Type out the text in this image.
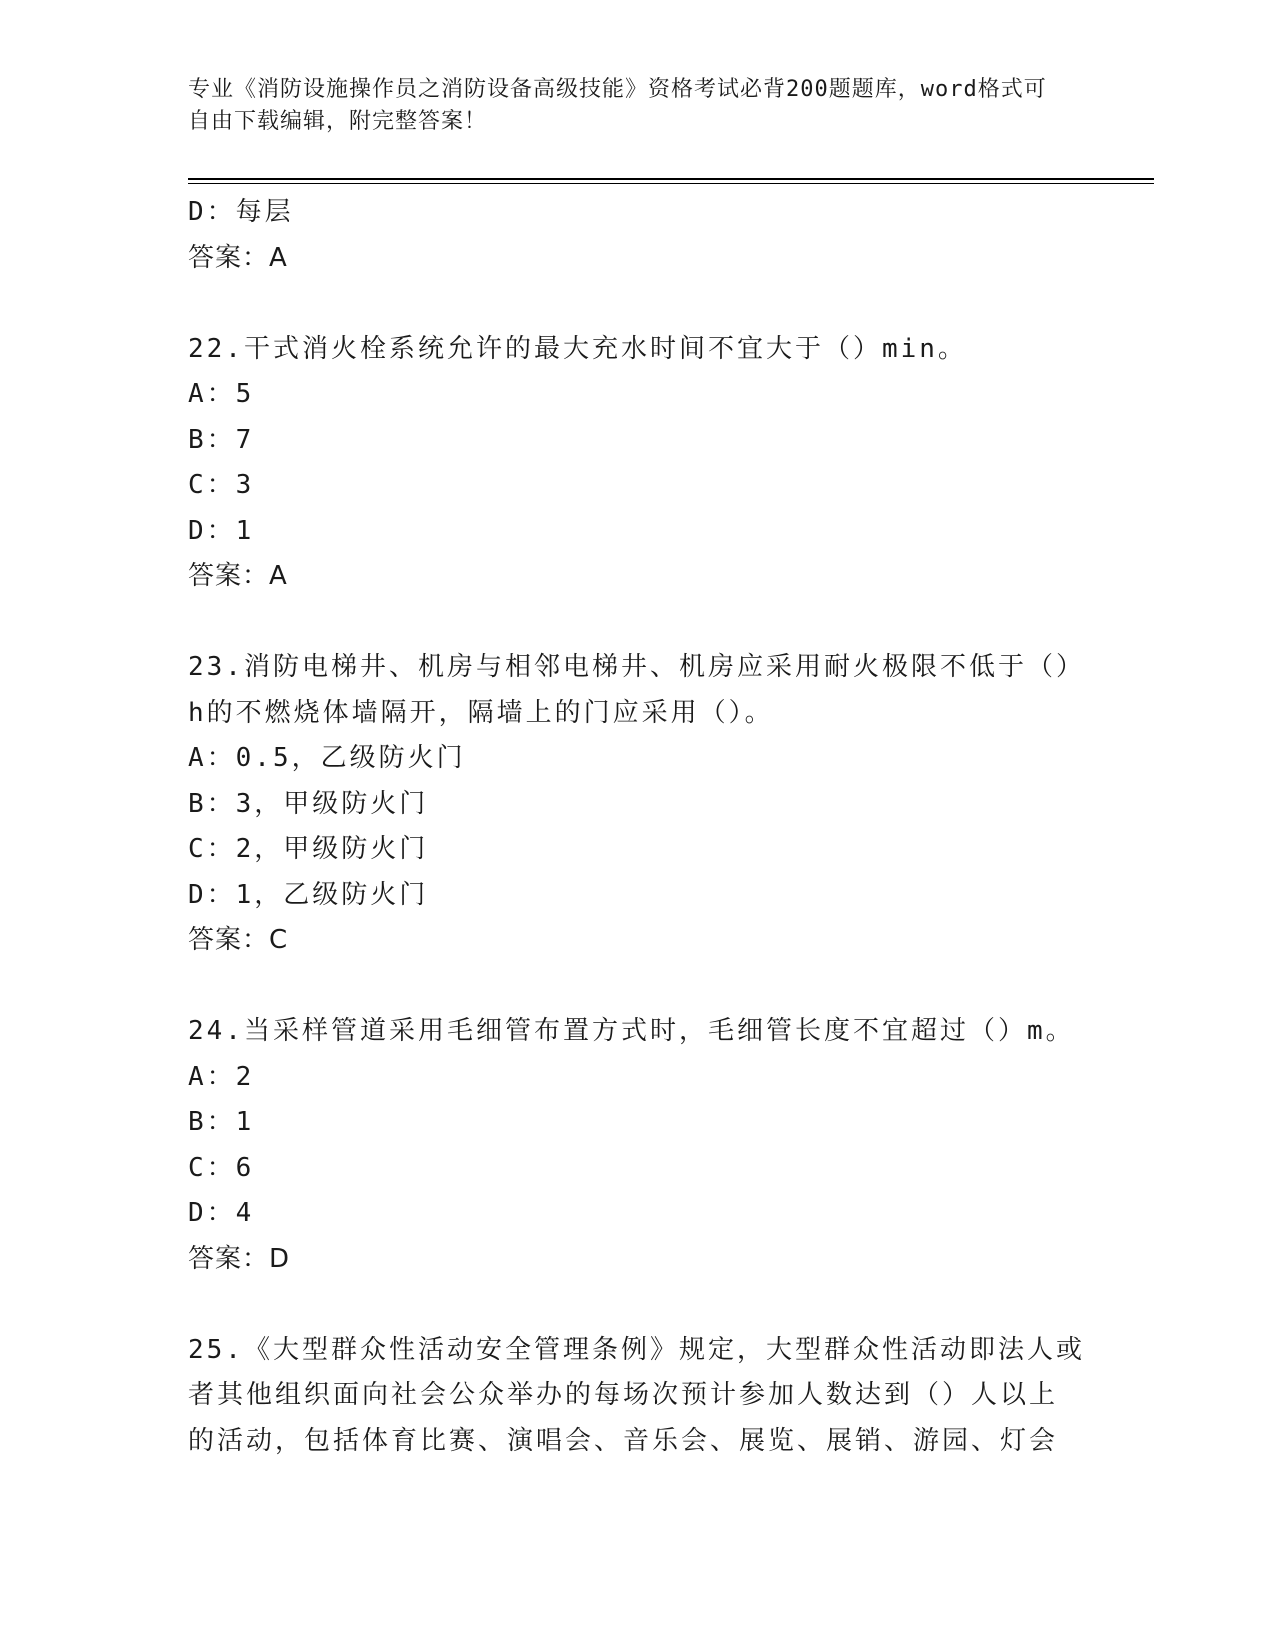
专业《消防设施操作员之消防设备高级技能》资格考试必背200题题库，word格式可自由下载编辑，附完整答案！
D：每层
答案：A
22.干式消火栓系统允许的最大充水时间不宜大于（）min。
A：5
B：7
C：3
D：1
答案：A
23.消防电梯井、机房与相邻电梯井、机房应采用耐火极限不低于（）
h的不燃烧体墙隔开，隔墙上的门应采用（）。
A：0.5，乙级防火门
B：3，甲级防火门
C：2，甲级防火门
D：1，乙级防火门
答案：C
24.当采样管道采用毛细管布置方式时，毛细管长度不宜超过（）m。
A：2
B：1
C：6
D：4
答案：D
25.《大型群众性活动安全管理条例》规定，大型群众性活动即法人或
者其他组织面向社会公众举办的每场次预计参加人数达到（）人以上
的活动，包括体育比赛、演唱会、音乐会、展览、展销、游园、灯会
